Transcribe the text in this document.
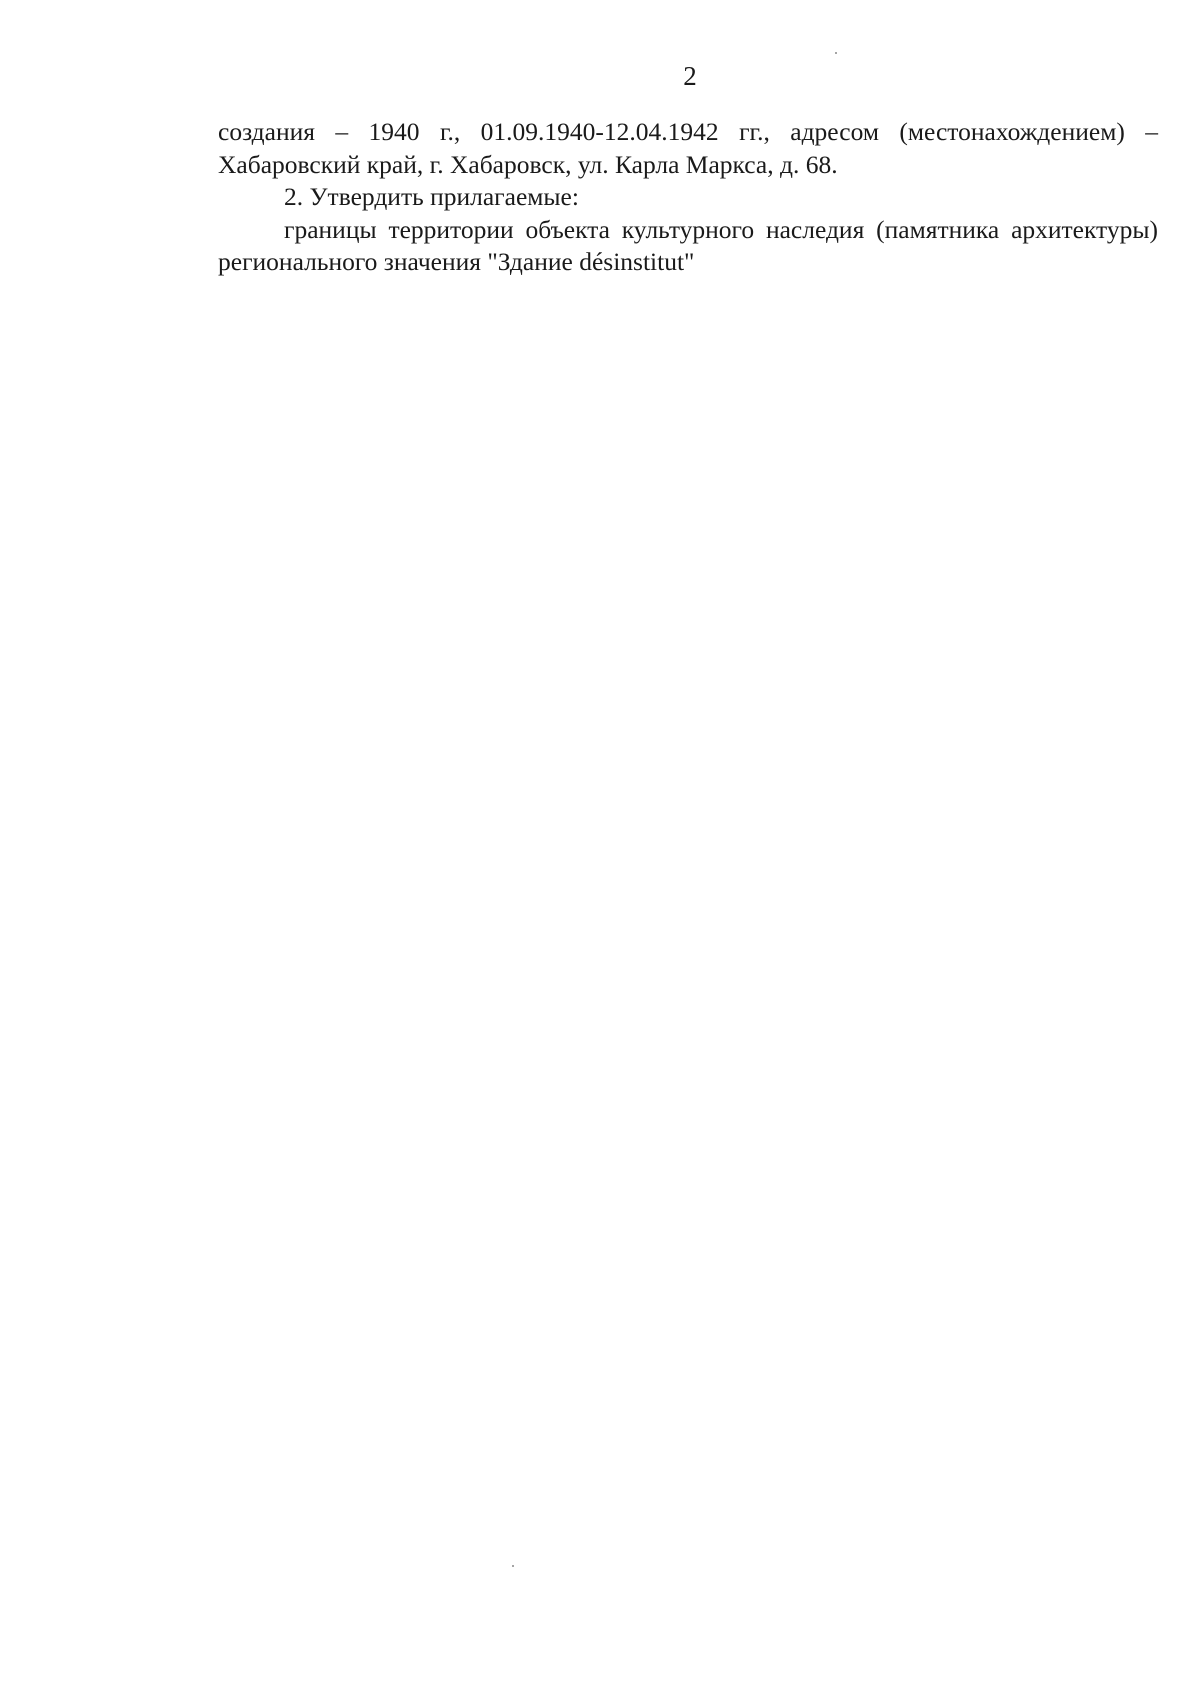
2

создания – 1940 г., 01.09.1940-12.04.1942 гг., адресом (местонахождением) – Хабаровский край, г. Хабаровск, ул. Карла Маркса, д. 68.

2. Утвердить прилагаемые:

границы территории объекта культурного наследия (памятника архитектуры) регионального значения "Здание désinstitut"
